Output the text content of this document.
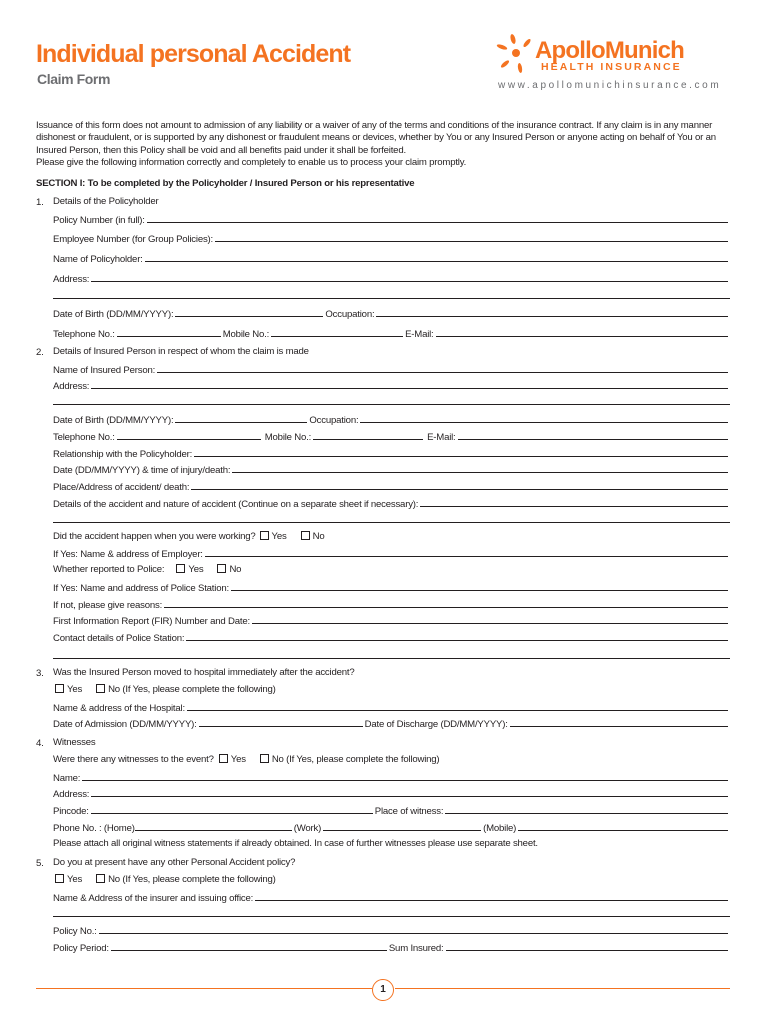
Individual personal Accident
Claim Form
ApolloMunich
HEALTH INSURANCE
www.apollomunichinsurance.com

Issuance of this form does not amount to admission of any liability or a waiver of any of the terms and conditions of the insurance contract. If any claim is in any manner dishonest or fraudulent, or is supported by any dishonest or fraudulent means or devices, whether by You or any Insured Person or anyone acting on behalf of You or an Insured Person, then this Policy shall be void and all benefits paid under it shall be forfeited.

Please give the following information correctly and completely to enable us to process your claim promptly.

SECTION I: To be completed by the Policyholder / Insured Person or his representative
1. Details of the Policyholder
Policy Number (in full):
Employee Number (for Group Policies):
Name of Policyholder:
Address:
Date of Birth (DD/MM/YYYY):	Occupation:
Telephone No.:	Mobile No.:	E-Mail:
2. Details of Insured Person in respect of whom the claim is made
Name of Insured Person:
Address:
Date of Birth (DD/MM/YYYY):	Occupation:
Telephone No.:	Mobile No.:	E-Mail:
Relationship with the Policyholder:
Date (DD/MM/YYYY) & time of injury/death:
Place/Address of accident/ death:
Details of the accident and nature of accident (Continue on a separate sheet if necessary):
Did the accident happen when you were working?	Yes	No
If Yes: Name & address of Employer:
Whether reported to Police:	Yes	No
If Yes: Name and address of Police Station:
If not, please give reasons:
First Information Report (FIR) Number and Date:
Contact details of Police Station:
3. Was the Insured Person moved to hospital immediately after the accident?
Yes	No (If Yes, please complete the following)
Name & address of the Hospital:
Date of Admission (DD/MM/YYYY):	Date of Discharge (DD/MM/YYYY):
4. Witnesses
Were there any witnesses to the event?	Yes	No (If Yes, please complete the following)
Name:
Address:
Pincode:	Place of witness:
Phone No. : (Home)	(Work)	(Mobile)
Please attach all original witness statements if already obtained. In case of further witnesses please use separate sheet.
5. Do you at present have any other Personal Accident policy?
Yes	No (If Yes, please complete the following)
Name & Address of the insurer and issuing office:
Policy No.:
Policy Period:	Sum Insured:
1
